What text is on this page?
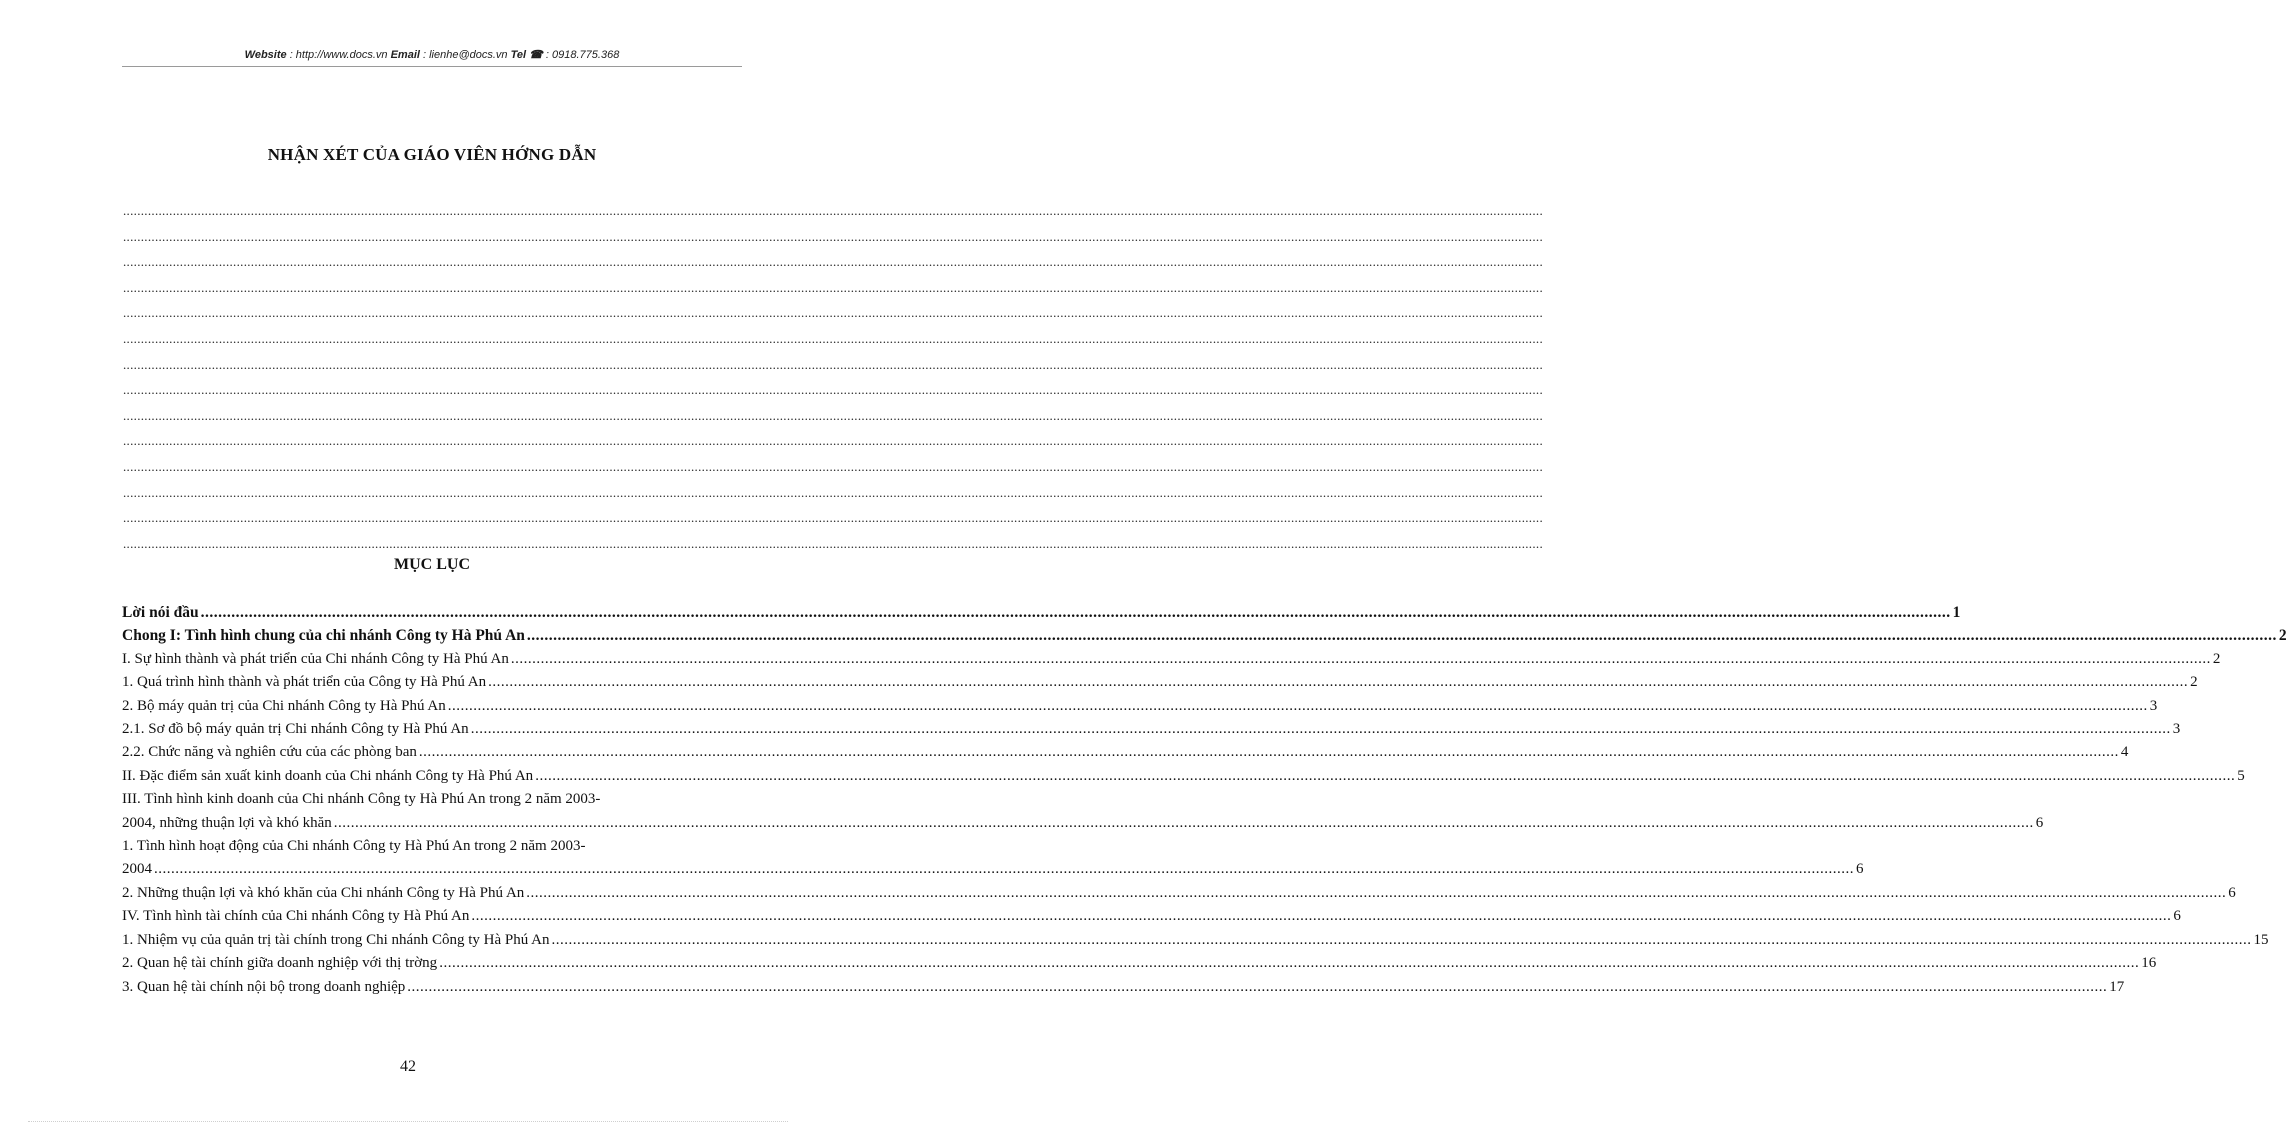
Website : http://www.docs.vn Email : lienhe@docs.vn Tel ☎ : 0918.775.368
NHẬN XÉT CỦA GIÁO VIÊN HỚNG DẪN
................................................................................................................................................................................................................................................................................................................................................................................................................
................................................................................................................................................................................................................................................................................................................................................................................................................
................................................................................................................................................................................................................................................................................................................................................................................................................
................................................................................................................................................................................................................................................................................................................................................................................................................
................................................................................................................................................................................................................................................................................................................................................................................................................
................................................................................................................................................................................................................................................................................................................................................................................................................
................................................................................................................................................................................................................................................................................................................................................................................................................
................................................................................................................................................................................................................................................................................................................................................................................................................
................................................................................................................................................................................................................................................................................................................................................................................................................
................................................................................................................................................................................................................................................................................................................................................................................................................
................................................................................................................................................................................................................................................................................................................................................................................................................
................................................................................................................................................................................................................................................................................................................................................................................................................
................................................................................................................................................................................................................................................................................................................................................................................................................
................................................................................................................................................................................................................................................................................................................................................................................................................
MỤC LỤC
Lời nói đầu ................................................................................................................................................................................................................................................................................................................................................................................................................ 1
Chong I: Tình hình chung của chi nhánh Công ty Hà Phú An ................................................................................................................................................................................................................................................................................................................................................................................................................ 2
I. Sự hình thành và phát triển của Chi nhánh Công ty Hà Phú An ................................................................................................................................................................................................................................................................................................................................................................................................................ 2
1. Quá trình hình thành và phát triển của Công ty Hà Phú An ................................................................................................................................................................................................................................................................................................................................................................................................................ 2
2. Bộ máy quản trị của Chi nhánh Công ty Hà Phú An ................................................................................................................................................................................................................................................................................................................................................................................................................ 3
2.1. Sơ đồ bộ máy quản trị Chi nhánh Công ty Hà Phú An ................................................................................................................................................................................................................................................................................................................................................................................................................ 3
2.2. Chức năng và nghiên cứu của các phòng ban ................................................................................................................................................................................................................................................................................................................................................................................................................ 4
II. Đặc điểm sản xuất kinh doanh của Chi nhánh Công ty Hà Phú An ................................................................................................................................................................................................................................................................................................................................................................................................................ 5
III. Tình hình kinh doanh của Chi nhánh Công ty Hà Phú An trong 2 năm 2003-
2004, những thuận lợi và khó khăn ................................................................................................................................................................................................................................................................................................................................................................................................................ 6
1. Tình hình hoạt động của Chi nhánh Công ty Hà Phú An trong 2 năm 2003-
2004 ................................................................................................................................................................................................................................................................................................................................................................................................................ 6
2. Những thuận lợi và khó khăn của Chi nhánh Công ty Hà Phú An ................................................................................................................................................................................................................................................................................................................................................................................................................ 6
IV. Tình hình tài chính của Chi nhánh Công ty Hà Phú An ................................................................................................................................................................................................................................................................................................................................................................................................................ 6
1. Nhiệm vụ của quản trị tài chính trong Chi nhánh Công ty Hà Phú An ................................................................................................................................................................................................................................................................................................................................................................................................................ 15
2. Quan hệ tài chính giữa doanh nghiệp với thị trờng ................................................................................................................................................................................................................................................................................................................................................................................................................ 16
3. Quan hệ tài chính nội bộ trong doanh nghiệp ................................................................................................................................................................................................................................................................................................................................................................................................................ 17
42
